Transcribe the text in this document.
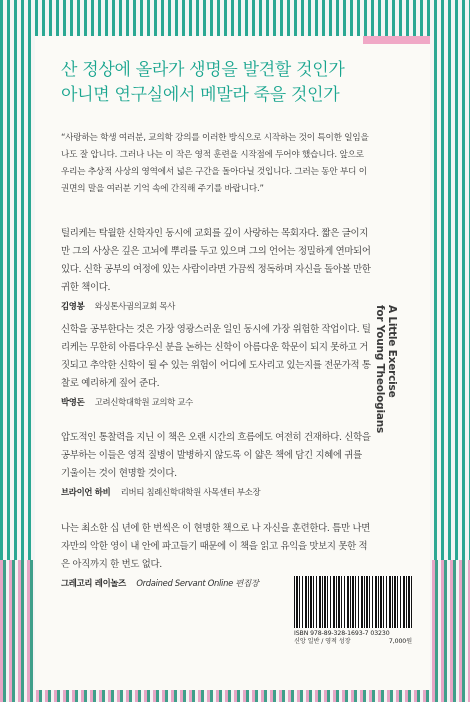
산 정상에 올라가 생명을 발견할 것인가
아니면 연구실에서 메말라 죽을 것인가
“사랑하는 학생 여러분, 교의학 강의를 이러한 방식으로 시작하는 것이 특이한 일임을 나도 잘 압니다. 그러나 나는 이 작은 영적 훈련을 시작점에 두어야 했습니다. 앞으로 우리는 추상적 사상의 영역에서 넓은 구간을 돌아다닐 것입니다. 그러는 동안 부디 이 권면의 말을 여러분 기억 속에 간직해 주기를 바랍니다.”
틸리케는 탁월한 신학자인 동시에 교회를 깊이 사랑하는 목회자다. 짧은 글이지만 그의 사상은 깊은 고뇌에 뿌리를 두고 있으며 그의 언어는 정밀하게 연마되어 있다. 신학 공부의 여정에 있는 사람이라면 가끔씩 정독하며 자신을 돌아볼 만한 귀한 책이다.
김영봉 와싱톤사귐의교회 목사
신학을 공부한다는 것은 가장 영광스러운 일인 동시에 가장 위험한 작업이다. 틸리케는 무한히 아름다우신 분을 논하는 신학이 아름다운 학문이 되지 못하고 거짓되고 추악한 신학이 될 수 있는 위험이 어디에 도사리고 있는지를 전문가적 통찰로 예리하게 짚어 준다.
박영돈 고려신학대학원 교의학 교수
압도적인 통찰력을 지닌 이 책은 오랜 시간의 흐름에도 여전히 건재하다. 신학을 공부하는 이들은 영적 질병이 발병하지 않도록 이 얇은 책에 담긴 지혜에 귀를 기울이는 것이 현명할 것이다.
브라이언 하비 리버티 침례신학대학원 사목센터 부소장
나는 최소한 십 년에 한 번씩은 이 현명한 책으로 나 자신을 훈련한다. 틈만 나면 자만의 악한 영이 내 안에 파고들기 때문에 이 책을 읽고 유익을 맛보지 못한 적은 아직까지 한 번도 없다.
그레고리 레이놀즈 Ordained Servant Online 편집장
A Little Exercise
for Young Theologians
ISBN 978-89-328-1693-7 03230
신앙 일반 / 영적 성장	7,000원
